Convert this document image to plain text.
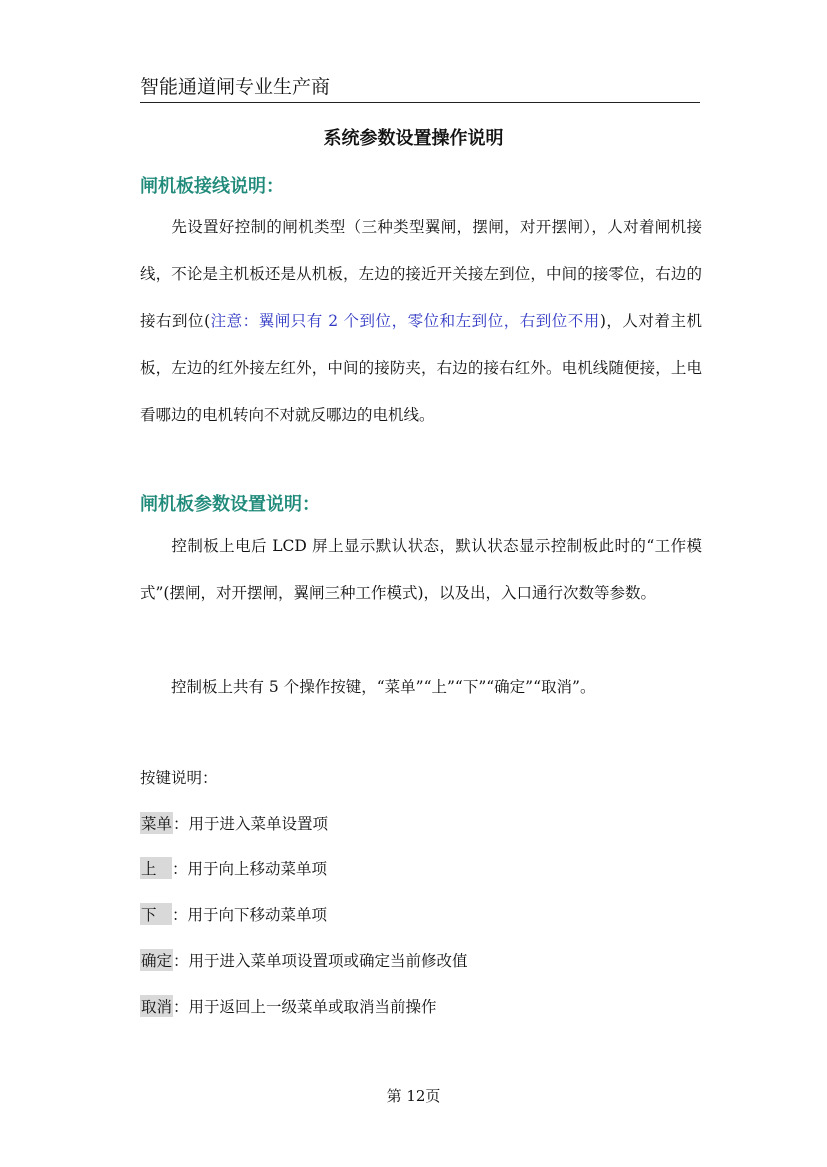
智能通道闸专业生产商
系统参数设置操作说明
闸机板接线说明：
先设置好控制的闸机类型（三种类型翼闸，摆闸，对开摆闸），人对着闸机接线，不论是主机板还是从机板，左边的接近开关接左到位，中间的接零位，右边的接右到位(注意：翼闸只有 2 个到位，零位和左到位，右到位不用)，人对着主机板，左边的红外接左红外，中间的接防夹，右边的接右红外。电机线随便接，上电看哪边的电机转向不对就反哪边的电机线。
闸机板参数设置说明：
控制板上电后 LCD 屏上显示默认状态，默认状态显示控制板此时的“工作模式”(摆闸，对开摆闸，翼闸三种工作模式)，以及出，入口通行次数等参数。
控制板上共有 5 个操作按键，“菜单”“上”“下”“确定”“取消”。
按键说明：
菜单：用于进入菜单设置项
上 ：用于向上移动菜单项
下 ：用于向下移动菜单项
确定：用于进入菜单项设置项或确定当前修改值
取消：用于返回上一级菜单或取消当前操作
第 12页
